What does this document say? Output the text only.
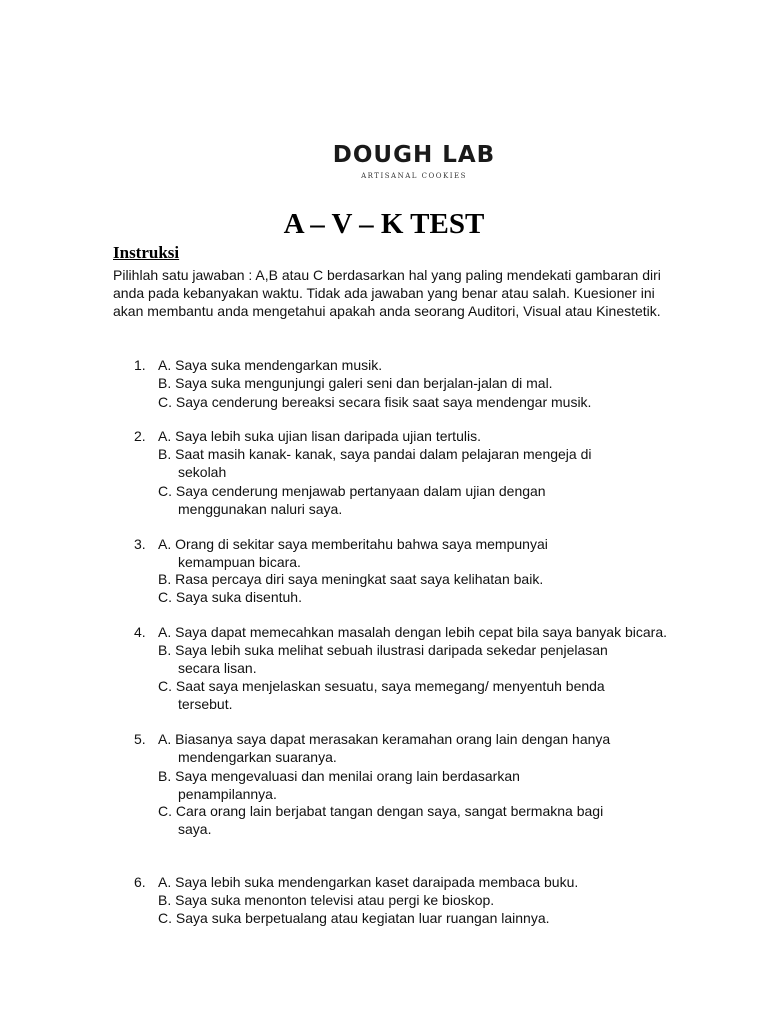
DOUGH LAB
ARTISANAL COOKIES
A – V – K TEST
Instruksi
Pilihlah satu jawaban : A,B atau C berdasarkan hal yang paling mendekati gambaran diri
anda pada kebanyakan waktu. Tidak ada jawaban yang benar atau salah. Kuesioner ini
akan membantu anda mengetahui apakah anda seorang Auditori, Visual atau Kinestetik.
1. A. Saya suka mendengarkan musik.
B. Saya suka mengunjungi galeri seni dan berjalan-jalan di mal.
C. Saya cenderung bereaksi secara fisik saat saya mendengar musik.
2. A. Saya lebih suka ujian lisan daripada ujian tertulis.
B. Saat masih kanak- kanak, saya pandai dalam pelajaran mengeja di
sekolah
C. Saya cenderung menjawab pertanyaan dalam ujian dengan
menggunakan naluri saya.
3. A. Orang di sekitar saya memberitahu bahwa saya mempunyai
kemampuan bicara.
B. Rasa percaya diri saya meningkat saat saya kelihatan baik.
C. Saya suka disentuh.
4. A. Saya dapat memecahkan masalah dengan lebih cepat bila saya banyak bicara.
B. Saya lebih suka melihat sebuah ilustrasi daripada sekedar penjelasan
secara lisan.
C. Saat saya menjelaskan sesuatu, saya memegang/ menyentuh benda
tersebut.
5. A. Biasanya saya dapat merasakan keramahan orang lain dengan hanya
mendengarkan suaranya.
B. Saya mengevaluasi dan menilai orang lain berdasarkan
penampilannya.
C. Cara orang lain berjabat tangan dengan saya, sangat bermakna bagi
saya.
6. A. Saya lebih suka mendengarkan kaset daraipada membaca buku.
B. Saya suka menonton televisi atau pergi ke bioskop.
C. Saya suka berpetualang atau kegiatan luar ruangan lainnya.
